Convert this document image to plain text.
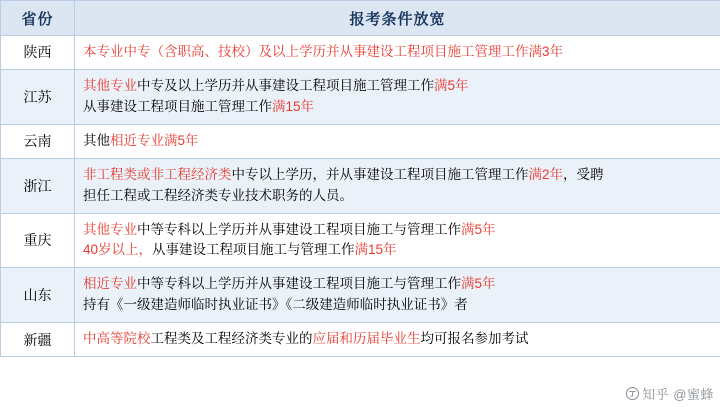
省份	报考条件放宽
陕西	本专业中专（含职高、技校）及以上学历并从事建设工程项目施工管理工作满3年

江苏	其他专业中专及以上学历并从事建设工程项目施工管理工作满5年
从事建设工程项目施工管理工作满15年

云南	其他相近专业满5年

浙江	非工程类或非工程经济类中专以上学历，并从事建设工程项目施工管理工作满2年，受聘
担任工程或工程经济类专业技术职务的人员。

重庆	其他专业中等专科以上学历并从事建设工程项目施工与管理工作满5年
40岁以上，从事建设工程项目施工与管理工作满15年

山东	相近专业中等专科以上学历并从事建设工程项目施工与管理工作满5年
持有《一级建造师临时执业证书》《二级建造师临时执业证书》者

新疆	中高等院校工程类及工程经济类专业的应届和历届毕业生均可报名参加考试
知乎 @蜜蜂
